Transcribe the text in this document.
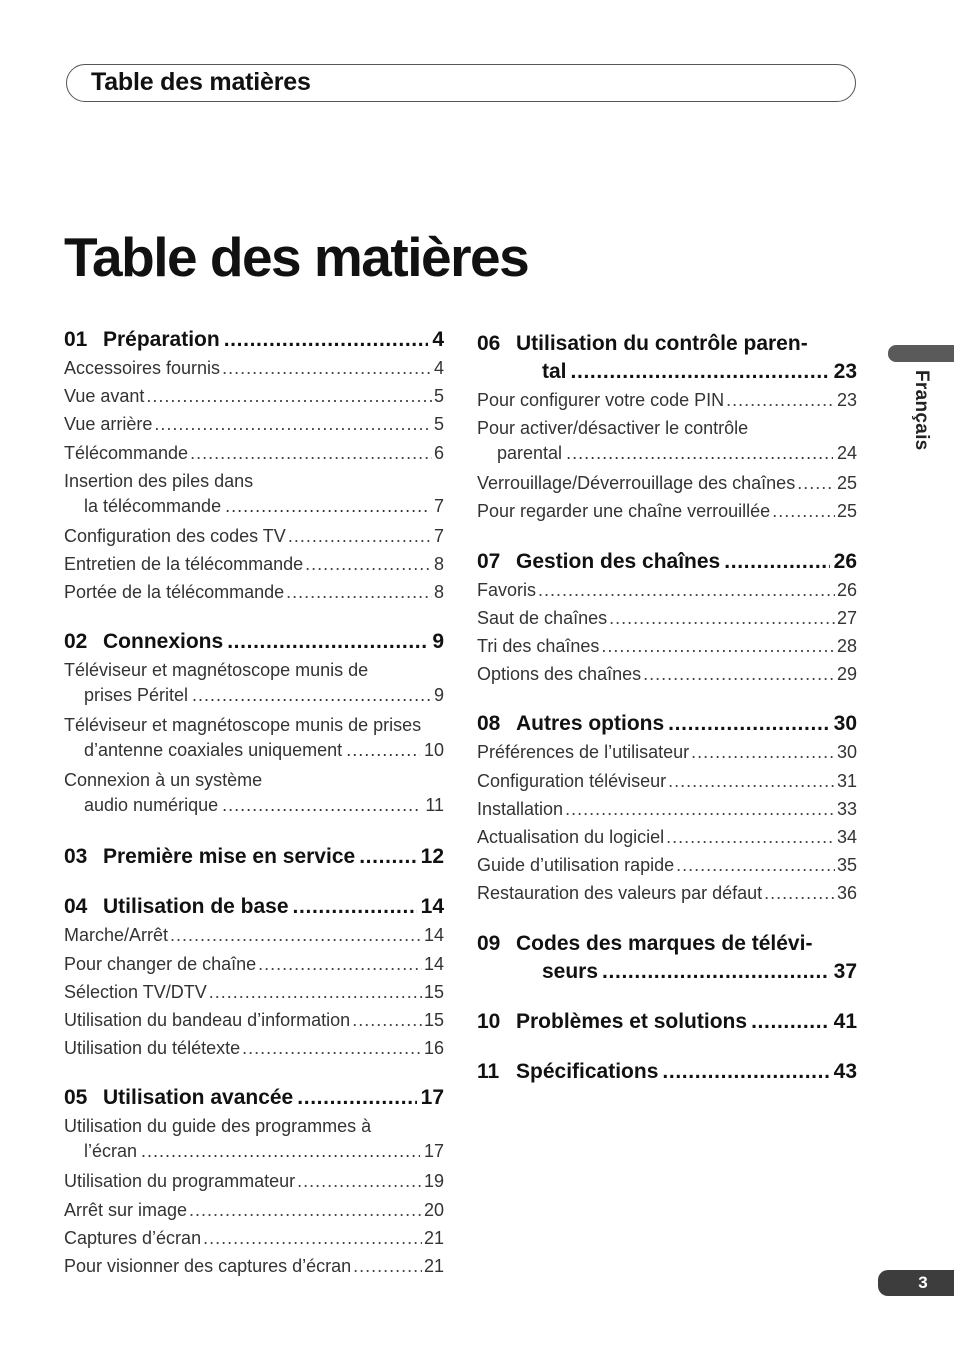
Table des matières
Table des matières
01 Préparation . . .	4
Accessoires fournis . . .	4
Vue avant . . .	5
Vue arrière . . .	5
Télécommande . . .	6
Insertion des piles dans
la télécommande . . .	7
Configuration des codes TV . . .	7
Entretien de la télécommande . . .	8
Portée de la télécommande . . .	8
02 Connexions . . .	9
Téléviseur et magnétoscope munis de
prises Péritel . . .	9
Téléviseur et magnétoscope munis de prises
d’antenne coaxiales uniquement . . .	10
Connexion à un système
audio numérique . . .	11
03 Première mise en service . . .	12
04 Utilisation de base . . .	14
Marche/Arrêt . . .	14
Pour changer de chaîne . . .	14
Sélection TV/DTV . . .	15
Utilisation du bandeau d’information . . .	15
Utilisation du télétexte . . .	16
05 Utilisation avancée . . .	17
Utilisation du guide des programmes à
l’écran . . .	17
Utilisation du programmateur . . .	19
Arrêt sur image . . .	20
Captures d’écran . . .	21
Pour visionner des captures d’écran . . .	21
06 Utilisation du contrôle paren-
tal . . .	23
Pour configurer votre code PIN . . .	23
Pour activer/désactiver le contrôle
parental . . .	24
Verrouillage/Déverrouillage des chaînes . . . 25
Pour regarder une chaîne verrouillée . . .	25
07 Gestion des chaînes . . .	26
Favoris . . .	26
Saut de chaînes . . .	27
Tri des chaînes . . .	28
Options des chaînes . . .	29
08 Autres options . . .	30
Préférences de l’utilisateur . . .	30
Configuration téléviseur . . .	31
Installation . . .	33
Actualisation du logiciel . . .	34
Guide d’utilisation rapide . . .	35
Restauration des valeurs par défaut . . .	36
09 Codes des marques de télévi-
seurs . . .	37
10 Problèmes et solutions . . .	41
11 Spécifications . . .	43
Français
3
